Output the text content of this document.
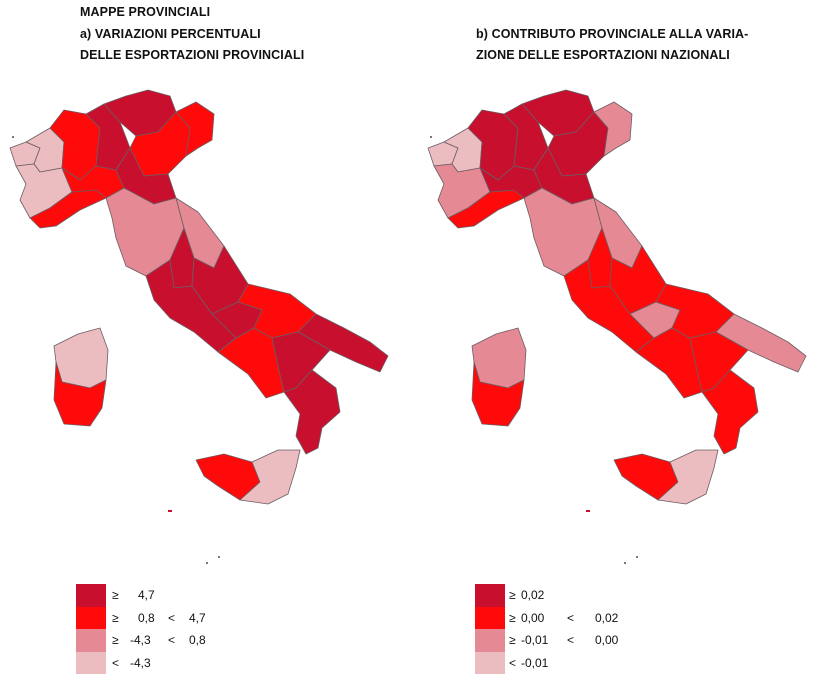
MAPPE PROVINCIALI
a) VARIAZIONI PERCENTUALI
DELLE ESPORTAZIONI PROVINCIALI
b) CONTRIBUTO PROVINCIALE ALLA VARIA-
ZIONE DELLE ESPORTAZIONI NAZIONALI
≥ 4,7
≥ 0,8 < 4,7
≥ -4,3 < 0,8
< -4,3
≥ 0,02
≥ 0,00 < 0,02
≥ -0,01 < 0,00
< -0,01
